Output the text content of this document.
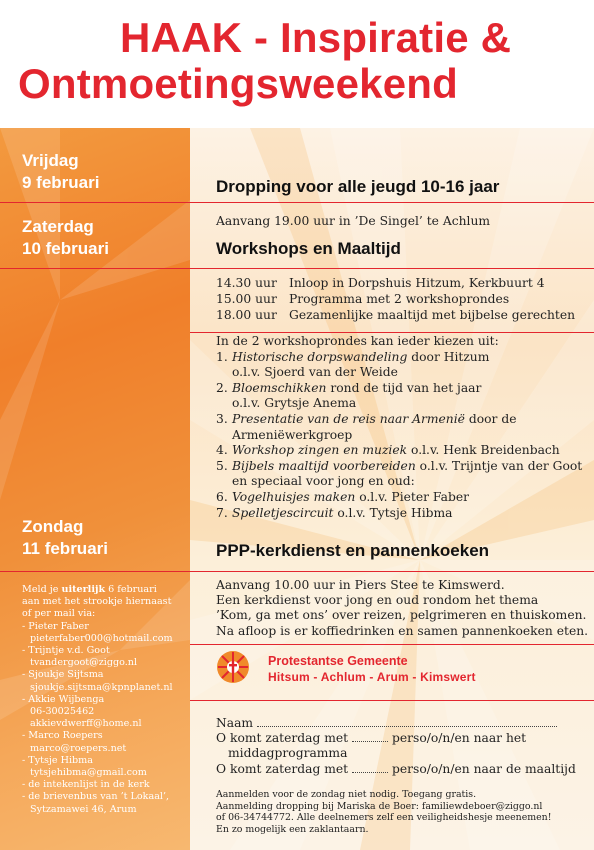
HAAK - Inspiratie &
Ontmoetingsweekend
Vrijdag
9 februari	Dropping voor alle jeugd 10-16 jaar
Zaterdag
10 februari
Aanvang 19.00 uur in ’De Singel’ te Achlum
Workshops en Maaltijd
14.30 uur Inloop in Dorpshuis Hitzum, Kerkbuurt 4
15.00 uur Programma met 2 workshoprondes
18.00 uur Gezamenlijke maaltijd met bijbelse gerechten
In de 2 workshoprondes kan ieder kiezen uit:
1. Historische dorpswandeling door Hitzum
o.l.v. Sjoerd van der Weide
2. Bloemschikken rond de tijd van het jaar
o.l.v. Grytsje Anema
3. Presentatie van de reis naar Armenië door de
Armeniëwerkgroep
4. Workshop zingen en muziek o.l.v. Henk Breidenbach
5. Bijbels maaltijd voorbereiden o.l.v. Trijntje van der Goot
en speciaal voor jong en oud:
6. Vogelhuisjes maken o.l.v. Pieter Faber
7. Spelletjescircuit o.l.v. Tytsje Hibma
Zondag
11 februari	PPP-kerkdienst en pannenkoeken
Aanvang 10.00 uur in Piers Stee te Kimswerd.
Een kerkdienst voor jong en oud rondom het thema
’Kom, ga met ons’ over reizen, pelgrimeren en thuiskomen.
Na afloop is er koffiedrinken en samen pannenkoeken eten.
Protestantse Gemeente
Hitsum - Achlum - Arum - Kimswert
Naam
O komt zaterdag met	perso/o/n/en naar het
middagprogramma
O komt zaterdag met	perso/o/n/en naar de maaltijd
Aanmelden voor de zondag niet nodig. Toegang gratis.
Aanmelding dropping bij Mariska de Boer: familiewdeboer@ziggo.nl
of 06-34744772. Alle deelnemers zelf een veiligheidshesje meenemen!
En zo mogelijk een zaklantaarn.
Meld je uiterlijk 6 februari
aan met het strookje hiernaast
of per mail via:
- Pieter Faber
pieterfaber000@hotmail.com
- Trijntje v.d. Goot
tvandergoot@ziggo.nl
- Sjoukje Sijtsma
sjoukje.sijtsma@kpnplanet.nl
- Akkie Wijbenga
06-30025462
akkievdwerff@home.nl
- Marco Roepers
marco@roepers.net
- Tytsje Hibma
tytsjehibma@gmail.com
- de intekenlijst in de kerk
- de brievenbus van ’t Lokaal’,
Sytzamawei 46, Arum
